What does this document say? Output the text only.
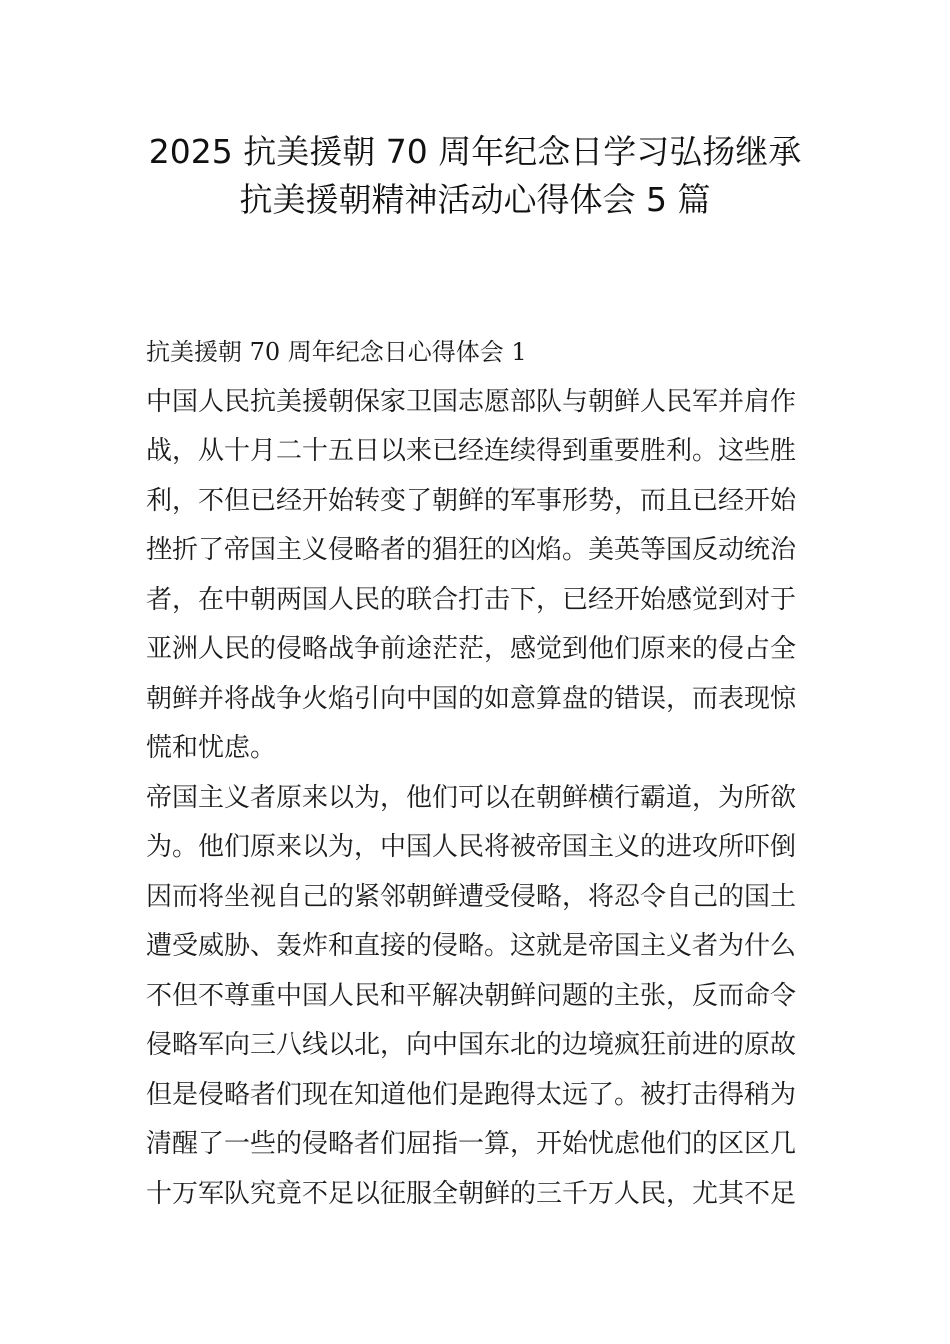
2025 抗美援朝 70 周年纪念日学习弘扬继承
抗美援朝精神活动心得体会 5 篇
抗美援朝 70 周年纪念日心得体会 1
中国人民抗美援朝保家卫国志愿部队与朝鲜人民军并肩作
战，从十月二十五日以来已经连续得到重要胜利。这些胜
利，不但已经开始转变了朝鲜的军事形势，而且已经开始
挫折了帝国主义侵略者的猖狂的凶焰。美英等国反动统治
者，在中朝两国人民的联合打击下，已经开始感觉到对于
亚洲人民的侵略战争前途茫茫，感觉到他们原来的侵占全
朝鲜并将战争火焰引向中国的如意算盘的错误，而表现惊
慌和忧虑。
帝国主义者原来以为，他们可以在朝鲜横行霸道，为所欲
为。他们原来以为，中国人民将被帝国主义的进攻所吓倒
因而将坐视自己的紧邻朝鲜遭受侵略，将忍令自己的国土
遭受威胁、轰炸和直接的侵略。这就是帝国主义者为什么
不但不尊重中国人民和平解决朝鲜问题的主张，反而命令
侵略军向三八线以北，向中国东北的边境疯狂前进的原故
但是侵略者们现在知道他们是跑得太远了。被打击得稍为
清醒了一些的侵略者们屈指一算，开始忧虑他们的区区几
十万军队究竟不足以征服全朝鲜的三千万人民，尤其不足
